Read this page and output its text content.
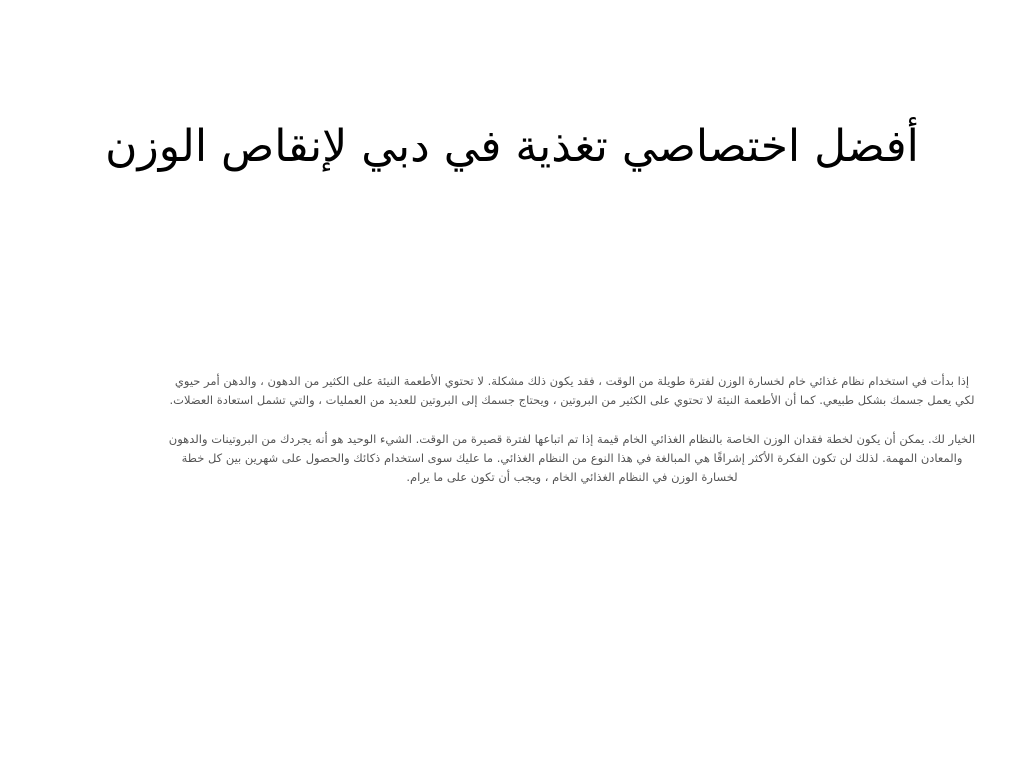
أفضل اختصاصي تغذية في دبي لإنقاص الوزن

إذا بدأت في استخدام نظام غذائي خام لخسارة الوزن لفترة طويلة من الوقت ، فقد يكون ذلك مشكلة. لا تحتوي الأطعمة النيئة على الكثير من الدهون ، والدهن أمر حيوي لكي يعمل جسمك بشكل طبيعي. كما أن الأطعمة النيئة لا تحتوي على الكثير من البروتين ، ويحتاج جسمك إلى البروتين للعديد من العمليات ، والتي تشمل استعادة العضلات.

الخيار لك. يمكن أن يكون لخطة فقدان الوزن الخاصة بالنظام الغذائي الخام قيمة إذا تم اتباعها لفترة قصيرة من الوقت. الشيء الوحيد هو أنه يجردك من البروتينات والدهون والمعادن المهمة. لذلك لن تكون الفكرة الأكثر إشراقًا هي المبالغة في هذا النوع من النظام الغذائي. ما عليك سوى استخدام ذكائك والحصول على شهرين بين كل خطة لخسارة الوزن في النظام الغذائي الخام ، ويجب أن تكون على ما يرام.
